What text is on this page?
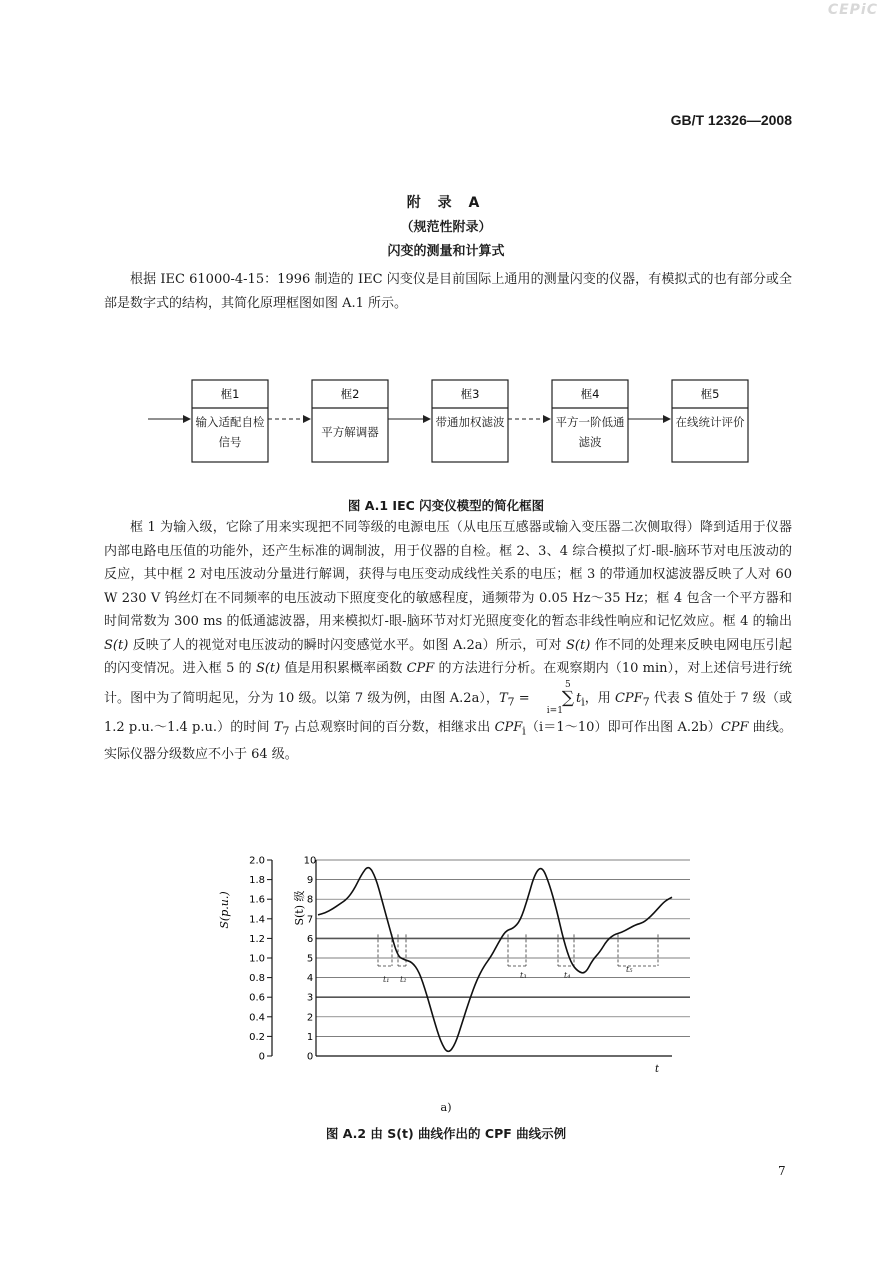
CEPiC
GB/T 12326—2008
附 录 A
（规范性附录）
闪变的测量和计算式
根据 IEC 61000-4-15：1996 制造的 IEC 闪变仪是目前国际上通用的测量闪变的仪器，有模拟式的也有部分或全部是数字式的结构，其简化原理框图如图 A.1 所示。
框1	框2	框3	框4	框5
输入适配自检信号
平方解调器
带通加权滤波	平方一阶低通滤波
在线统计评价
图 A.1 IEC 闪变仪模型的简化框图
框 1 为输入级，它除了用来实现把不同等级的电源电压（从电压互感器或输入变压器二次侧取得）降到适用于仪器内部电路电压值的功能外，还产生标准的调制波，用于仪器的自检。框 2、3、4 综合模拟了灯-眼-脑环节对电压波动的反应，其中框 2 对电压波动分量进行解调，获得与电压变动成线性关系的电压；框 3 的带通加权滤波器反映了人对 60 W 230 V 钨丝灯在不同频率的电压波动下照度变化的敏感程度，通频带为 0.05 Hz～35 Hz；框 4 包含一个平方器和时间常数为 300 ms 的低通滤波器，用来模拟灯-眼-脑环节对灯光照度变化的暂态非线性响应和记忆效应。框 4 的输出 S(t) 反映了人的视觉对电压波动的瞬时闪变感觉水平。如图 A.2a）所示，可对 S(t) 作不同的处理来反映电网电压引起的闪变情况。进入框 5 的 S(t) 值是用积累概率函数 CPF 的方法进行分析。在观察期内（10 min），对上述信号进行统计。图中为了简明起见，分为 10 级。以第 7 级为例，由图 A.2a），$T_7 = 5$
∑
$i=1t_i$，用 $CPF_7$ 代表 S 值处于 7 级（或 1.2 p.u.～1.4 p.u.）的时间 $T_7$ 占总观察时间的百分数，相继求出 $CPF_i(i=1\sim 10)$即可作出图 A.2b）CPF 曲线。实际仪器分级数应不小于 64 级。
2.0	10
1.8	9
1.6	8
1.4	7
1.2	6
1.0	5
0.8	4
0.6	3
0.4	2
0.2	1
0	0
S(p.u.)	S(t) 级
t
t₁ t₂	t₃	t₄
t₅
a)
图 A.2 由 S(t) 曲线作出的 CPF 曲线示例
7
